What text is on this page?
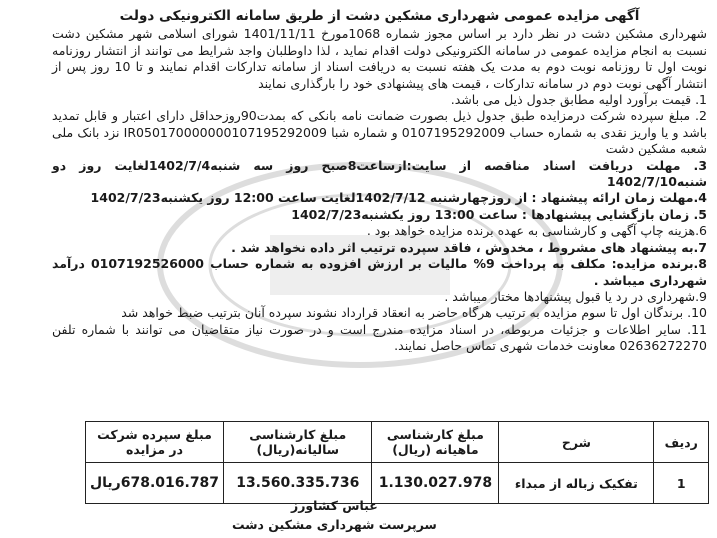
آگهی مزایده عمومی شهرداری مشکین دشت از طریق سامانه الکترونیکی دولت

شهرداری مشکین دشت در نظر دارد بر اساس مجوز شماره 1068مورخ 1401/11/11 شورای اسلامی شهر مشکین دشت نسبت به انجام مزایده عمومی در سامانه الکترونیکی دولت اقدام نماید ، لذا داوطلبان واجد شرایط می توانند از انتشار روزنامه نوبت اول تا روزنامه نوبت دوم به مدت یک هفته نسبت به دریافت اسناد از سامانه تدارکات اقدام نمایند و تا 10 روز پس از انتشار آگهی نوبت دوم در سامانه تدارکات ، قیمت های پیشنهادی خود را بارگذاری نمایند

1. قیمت برآورد اولیه مطابق جدول ذیل می باشد.
2. مبلغ سپرده شرکت درمزایده طبق جدول ذیل بصورت ضمانت نامه بانکی که بمدت90روزحداقل دارای اعتبار و قابل تمدید باشد و یا واریز نقدی به شماره حساب 0107195292009 و شماره شبا IR050170000000107195292009 نزد بانک ملی شعبه مشکین دشت
3. مهلت دریافت اسناد مناقصه از سایت:ازساعت8صبح روز سه شنبه1402/7/4لغایت روز دو شنبه1402/7/10
4.مهلت زمان ارائه پیشنهاد : از روزچهارشنبه 1402/7/12لغایت ساعت 12:00 روز یکشنبه1402/7/23
5. زمان بازگشایی پیشنهادها : ساعت 13:00 روز یکشنبه1402/7/23
6.هزینه چاپ آگهی و کارشناسی به عهده برنده مزایده خواهد بود .
7.به پیشنهاد های مشروط ، مخدوش ، فاقد سپرده ترتیب اثر داده نخواهد شد .
8.برنده مزایده: مکلف به پرداخت 9% مالیات بر ارزش افزوده به شماره حساب 0107192526000 درآمد شهرداری میباشد .
9.شهرداری در رد یا قبول پیشنهادها مختار میباشد .
10. برندگان اول تا سوم مزایده به ترتیب هرگاه حاضر به انعقاد قرارداد نشوند سپرده آنان بترتیب ضبط خواهد شد
11. سایر اطلاعات و جزئیات مربوطه، در اسناد مزایده مندرج است و در صورت نیاز متقاضیان می توانند با شماره تلفن 02636272270 معاونت خدمات شهری تماس حاصل نمایند.
ردیف	شرح	مبلغ کارشناسی ماهیانه (ریال)	مبلغ کارشناسی سالیانه(ریال)	مبلغ سپرده شرکت در مزایده
1	تفکیک زباله از مبداء	1.130.027.978	13.560.335.736	678.016.787ریال
عباس کشاورز
سرپرست شهرداری مشکین دشت
